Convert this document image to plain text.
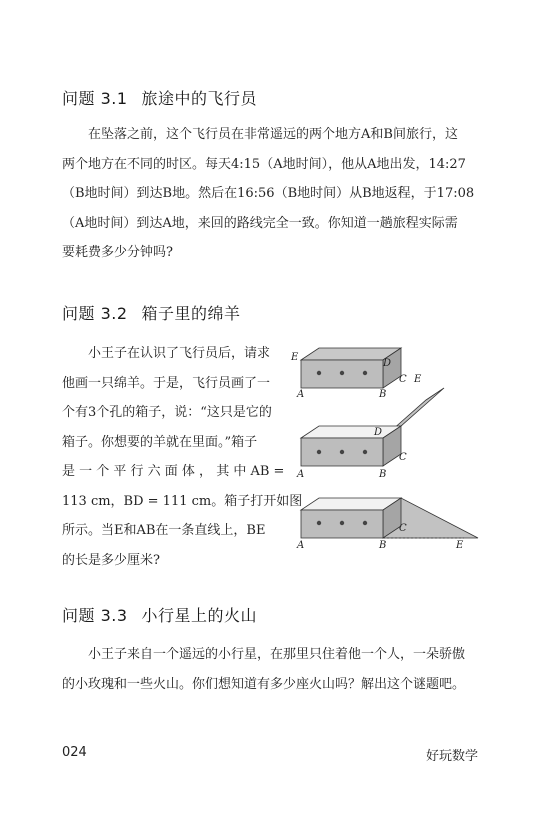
问题 3.1 旅途中的飞行员
在坠落之前，这个飞行员在非常遥远的两个地方A和B间旅行，这
两个地方在不同的时区。每天4:15（A地时间），他从A地出发，14:27
（B地时间）到达B地。然后在16:56（B地时间）从B地返程，于17:08
（A地时间）到达A地，来回的路线完全一致。你知道一趟旅程实际需
要耗费多少分钟吗?
问题 3.2 箱子里的绵羊
小王子在认识了飞行员后，请求
他画一只绵羊。于是，飞行员画了一
个有3个孔的箱子，说：“这只是它的
箱子。你想要的羊就在里面。”箱子
是 一 个 平 行 六 面 体 ， 其 中 AB =
113 cm，BD = 111 cm。箱子打开如图
所示。当E和AB在一条直线上，BE
的长是多少厘米?
E
D
C E
A	B
D
C
A	B
C
A	B	E
问题 3.3 小行星上的火山
小王子来自一个遥远的小行星，在那里只住着他一个人，一朵骄傲
的小玫瑰和一些火山。你们想知道有多少座火山吗？解出这个谜题吧。
024	好玩数学
